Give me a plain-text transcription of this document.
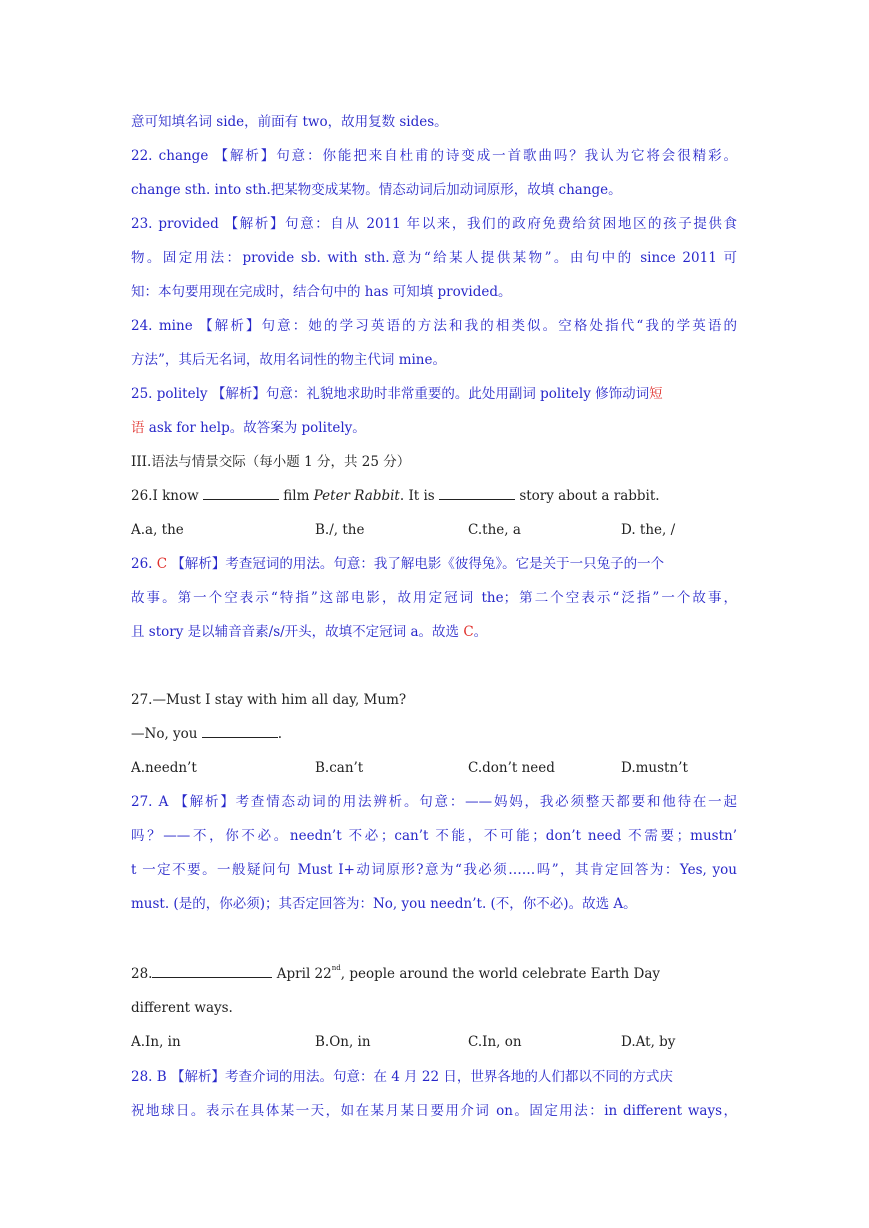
意可知填名词 side，前面有 two，故用复数 sides。
22. change 【解析】句意：你能把来自杜甫的诗变成一首歌曲吗？我认为它将会很精彩。
change sth. into sth.把某物变成某物。情态动词后加动词原形，故填 change。
23. provided 【解析】句意：自从 2011 年以来，我们的政府免费给贫困地区的孩子提供食
物。固定用法：provide sb. with sth.意为“给某人提供某物”。由句中的 since 2011 可
知：本句要用现在完成时，结合句中的 has 可知填 provided。
24. mine 【解析】句意：她的学习英语的方法和我的相类似。空格处指代“我的学英语的
方法”，其后无名词，故用名词性的物主代词 mine。
25. politely 【解析】句意：礼貌地求助时非常重要的。此处用副词 politely 修饰动词短
语 ask for help。故答案为 politely。
III.语法与情景交际（每小题 1 分，共 25 分）
26.I know	film Peter Rabbit. It is	story about a rabbit.
A.a, the	B./, the	C.the, a	D. the, /
26. C 【解析】考查冠词的用法。句意：我了解电影《彼得兔》。它是关于一只兔子的一个
故事。第一个空表示“特指”这部电影，故用定冠词 the；第二个空表示“泛指”一个故事，
且 story 是以辅音音素/s/开头，故填不定冠词 a。故选 C。
27.—Must I stay with him all day, Mum?
—No, you	.
A.needn’t	B.can’t	C.don’t need	D.mustn’t
27. A 【解析】考查情态动词的用法辨析。句意：——妈妈，我必须整天都要和他待在一起
吗？——不，你不必。needn’t 不必；can’t 不能，不可能；don’t need 不需要；mustn’
t 一定不要。一般疑问句 Must I+动词原形?意为“我必须……吗”，其肯定回答为：Yes, you
must. (是的，你必须)；其否定回答为：No, you needn’t. (不，你不必)。故选 A。
28.	April 22nd, people around the world celebrate Earth Day
different ways.
A.In, in	B.On, in	C.In, on	D.At, by
28. B 【解析】考查介词的用法。句意：在 4 月 22 日，世界各地的人们都以不同的方式庆
祝地球日。表示在具体某一天，如在某月某日要用介词 on。固定用法：in different ways，
